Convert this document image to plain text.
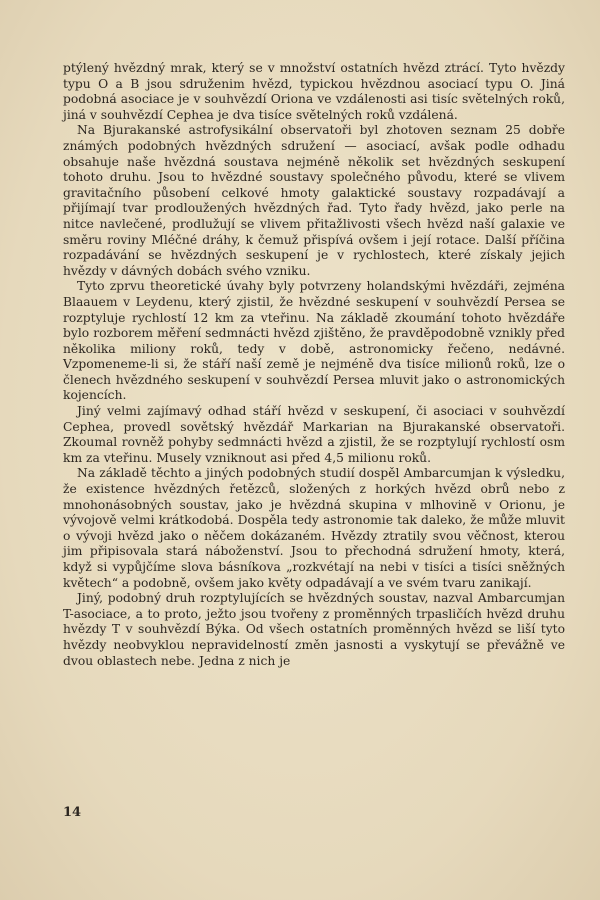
ptýlený hvězdný mrak, který se v množství ostatních hvězd ztrácí. Tyto hvězdy typu O a B jsou sdruženim hvězd, typickou hvězdnou asociací typu O. Jiná podobná asociace je v souhvězdí Oriona ve vzdálenosti asi tisíc světelných roků, jiná v souhvězdí Cephea je dva tisíce světelných roků vzdálená.

Na Bjurakanské astrofysikální observatoři byl zhotoven seznam 25 dobře známých podobných hvězdných sdružení — asociací, avšak podle odhadu obsahuje naše hvězdná soustava nejméně několik set hvězdných seskupení tohoto druhu. Jsou to hvězdné soustavy společného původu, které se vlivem gravitačního působení celkové hmoty galaktické soustavy rozpadávají a přijímají tvar prodloužených hvězdných řad. Tyto řady hvězd, jako perle na nitce navlečené, prodlužují se vlivem přitažlivosti všech hvězd naší galaxie ve směru roviny Mléčné dráhy, k čemuž přispívá ovšem i její rotace. Další příčina rozpadávání se hvězdných seskupení je v rychlostech, které získaly jejich hvězdy v dávných dobách svého vzniku.

Tyto zprvu theoretické úvahy byly potvrzeny holandskými hvězdáři, zejména Blaauem v Leydenu, který zjistil, že hvězdné seskupení v souhvězdí Persea se rozptyluje rychlostí 12 km za vteřinu. Na základě zkoumání tohoto hvězdáře bylo rozborem měření sedmnácti hvězd zjištěno, že pravděpodobně vznikly před několika miliony roků, tedy v době, astronomicky řečeno, nedávné. Vzpomeneme-li si, že stáří naší země je nejméně dva tisíce milionů roků, lze o členech hvězdného seskupení v souhvězdí Persea mluvit jako o astronomických kojencích.

Jiný velmi zajímavý odhad stáří hvězd v seskupení, či asociaci v souhvězdí Cephea, provedl sovětský hvězdář Markarian na Bjurakanské observatoři. Zkoumal rovněž pohyby sedmnácti hvězd a zjistil, že se rozptylují rychlostí osm km za vteřinu. Musely vzniknout asi před 4,5 milionu roků.

Na základě těchto a jiných podobných studií dospěl Ambarcumjan k výsledku, že existence hvězdných řetězců, složených z horkých hvězd obrů nebo z mnohonásobných soustav, jako je hvězdná skupina v mlhovině v Orionu, je vývojově velmi krátkodobá. Dospěla tedy astronomie tak daleko, že může mluvit o vývoji hvězd jako o něčem dokázaném. Hvězdy ztratily svou věčnost, kterou jim připisovala stará náboženství. Jsou to přechodná sdružení hmoty, která, když si vypůjčíme slova básníkova „rozkvétají na nebi v tisíci a tisíci sněžných květech“ a podobně, ovšem jako květy odpadávají a ve svém tvaru zanikají.

Jiný, podobný druh rozptylujících se hvězdných soustav, nazval Ambarcumjan T-asociace, a to proto, ježto jsou tvořeny z proměnných trpasličích hvězd druhu hvězdy T v souhvězdí Býka. Od všech ostatních proměnných hvězd se liší tyto hvězdy neobvyklou nepravidelností změn jasnosti a vyskytují se převážně ve dvou oblastech nebe. Jedna z nich je

14
